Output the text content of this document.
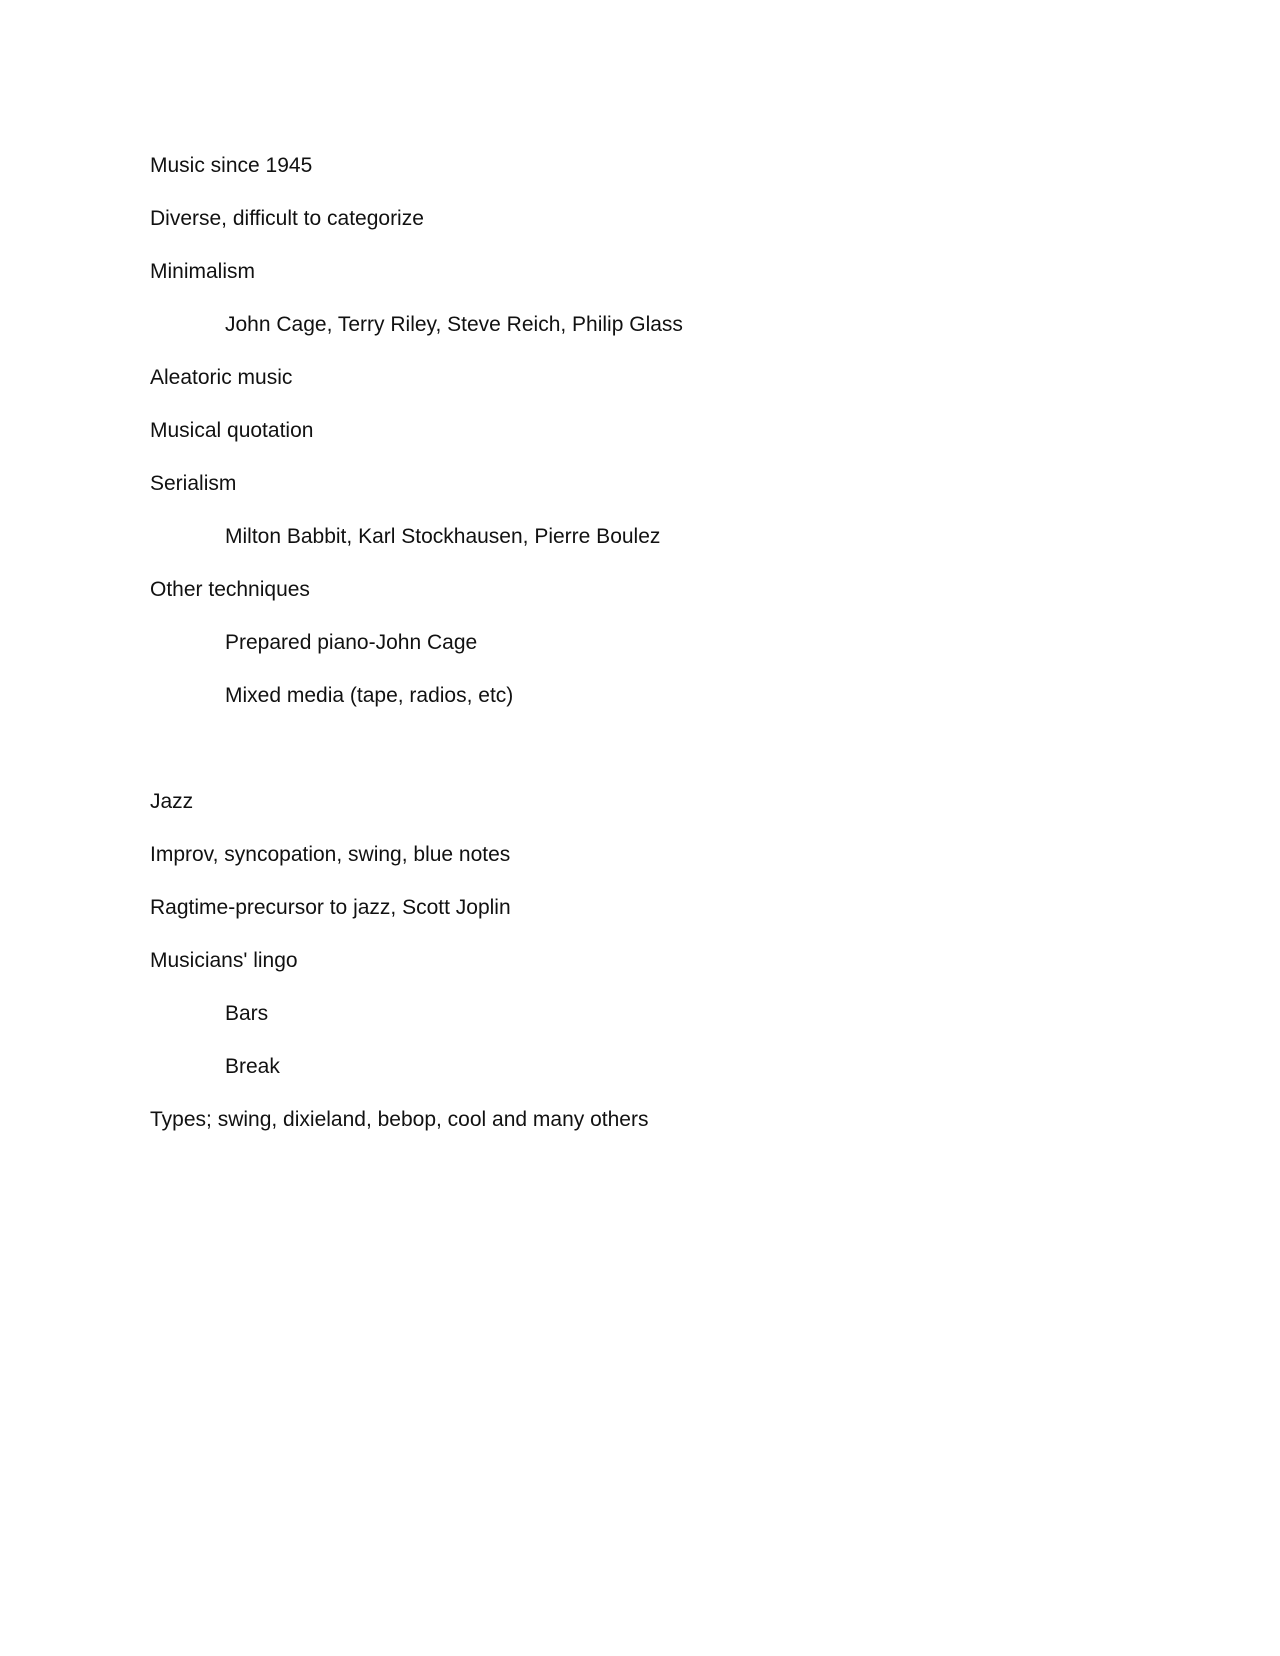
Music since 1945
Diverse, difficult to categorize
Minimalism
John Cage, Terry Riley, Steve Reich, Philip Glass
Aleatoric music
Musical quotation
Serialism
Milton Babbit, Karl Stockhausen, Pierre Boulez
Other techniques
Prepared piano-John Cage
Mixed media (tape, radios, etc)
Jazz
Improv, syncopation, swing, blue notes
Ragtime-precursor to jazz, Scott Joplin
Musicians' lingo
Bars
Break
Types; swing, dixieland, bebop, cool and many others
